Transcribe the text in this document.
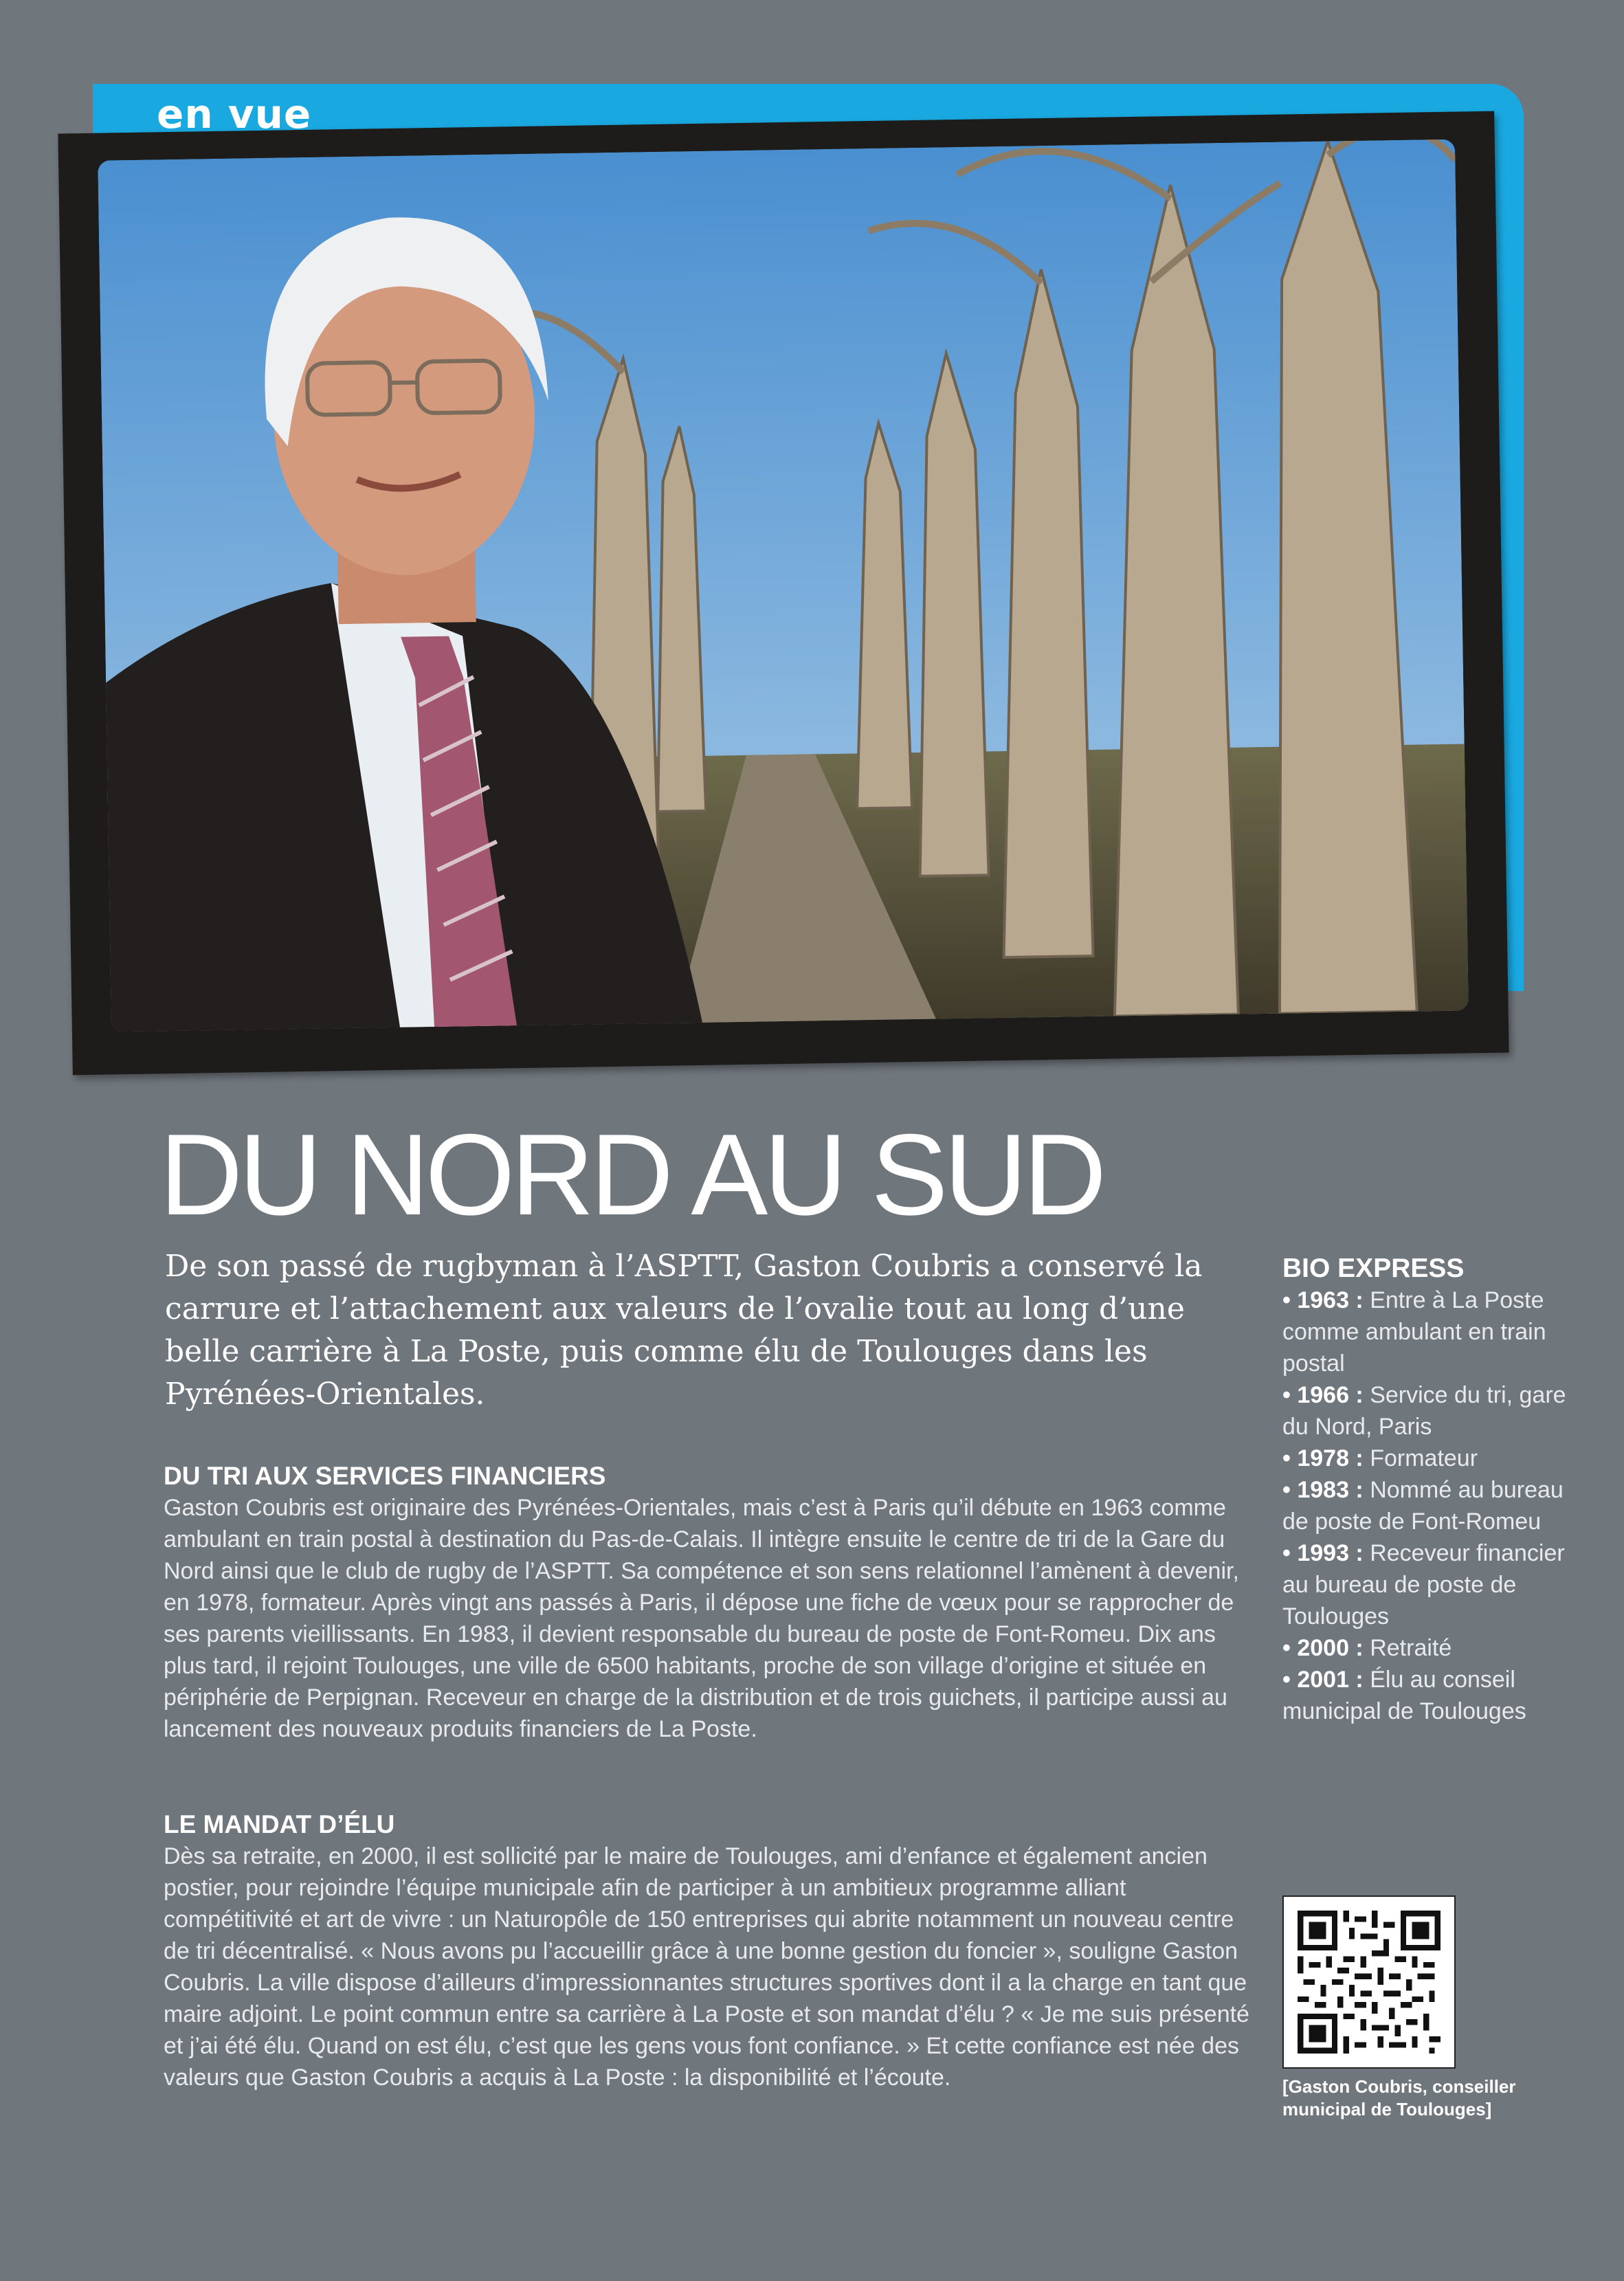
en vue
DU NORD AU SUD
De son passé de rugbyman à l’ASPTT, Gaston Coubris a conservé la carrure et l’attachement aux valeurs de l’ovalie tout au long d’une belle carrière à La Poste, puis comme élu de Toulouges dans les Pyrénées-Orientales.
DU TRI AUX SERVICES FINANCIERS

Gaston Coubris est originaire des Pyrénées-Orientales, mais c’est à Paris qu’il débute en 1963 comme ambulant en train postal à destination du Pas-de-Calais. Il intègre ensuite le centre de tri de la Gare du Nord ainsi que le club de rugby de l’ASPTT. Sa compétence et son sens relationnel l’amènent à devenir, en 1978, formateur. Après vingt ans passés à Paris, il dépose une fiche de vœux pour se rapprocher de ses parents vieillissants. En 1983, il devient responsable du bureau de poste de Font-Romeu. Dix ans plus tard, il rejoint Toulouges, une ville de 6500 habitants, proche de son village d’origine et située en périphérie de Perpignan. Receveur en charge de la distribution et de trois guichets, il participe aussi au lancement des nouveaux produits financiers de La Poste.

LE MANDAT D’ÉLU

Dès sa retraite, en 2000, il est sollicité par le maire de Toulouges, ami d’enfance et également ancien postier, pour rejoindre l’équipe municipale afin de participer à un ambitieux programme alliant compétitivité et art de vivre : un Naturopôle de 150 entreprises qui abrite notamment un nouveau centre de tri décentralisé. « Nous avons pu l’accueillir grâce à une bonne gestion du foncier », souligne Gaston Coubris. La ville dispose d’ailleurs d’impressionnantes structures sportives dont il a la charge en tant que maire adjoint. Le point commun entre sa carrière à La Poste et son mandat d’élu ? « Je me suis présenté et j’ai été élu. Quand on est élu, c’est que les gens vous font confiance. » Et cette confiance est née des valeurs que Gaston Coubris a acquis à La Poste : la disponibilité et l’écoute.

BIO EXPRESS
• 1963 : Entre à La Poste comme ambulant en train postal
• 1966 : Service du tri, gare du Nord, Paris
• 1978 : Formateur
• 1983 : Nommé au bureau de poste de Font-Romeu
• 1993 : Receveur financier au bureau de poste de Toulouges
• 2000 : Retraité
• 2001 : Élu au conseil municipal de Toulouges
[Gaston Coubris, conseiller municipal de Toulouges]
